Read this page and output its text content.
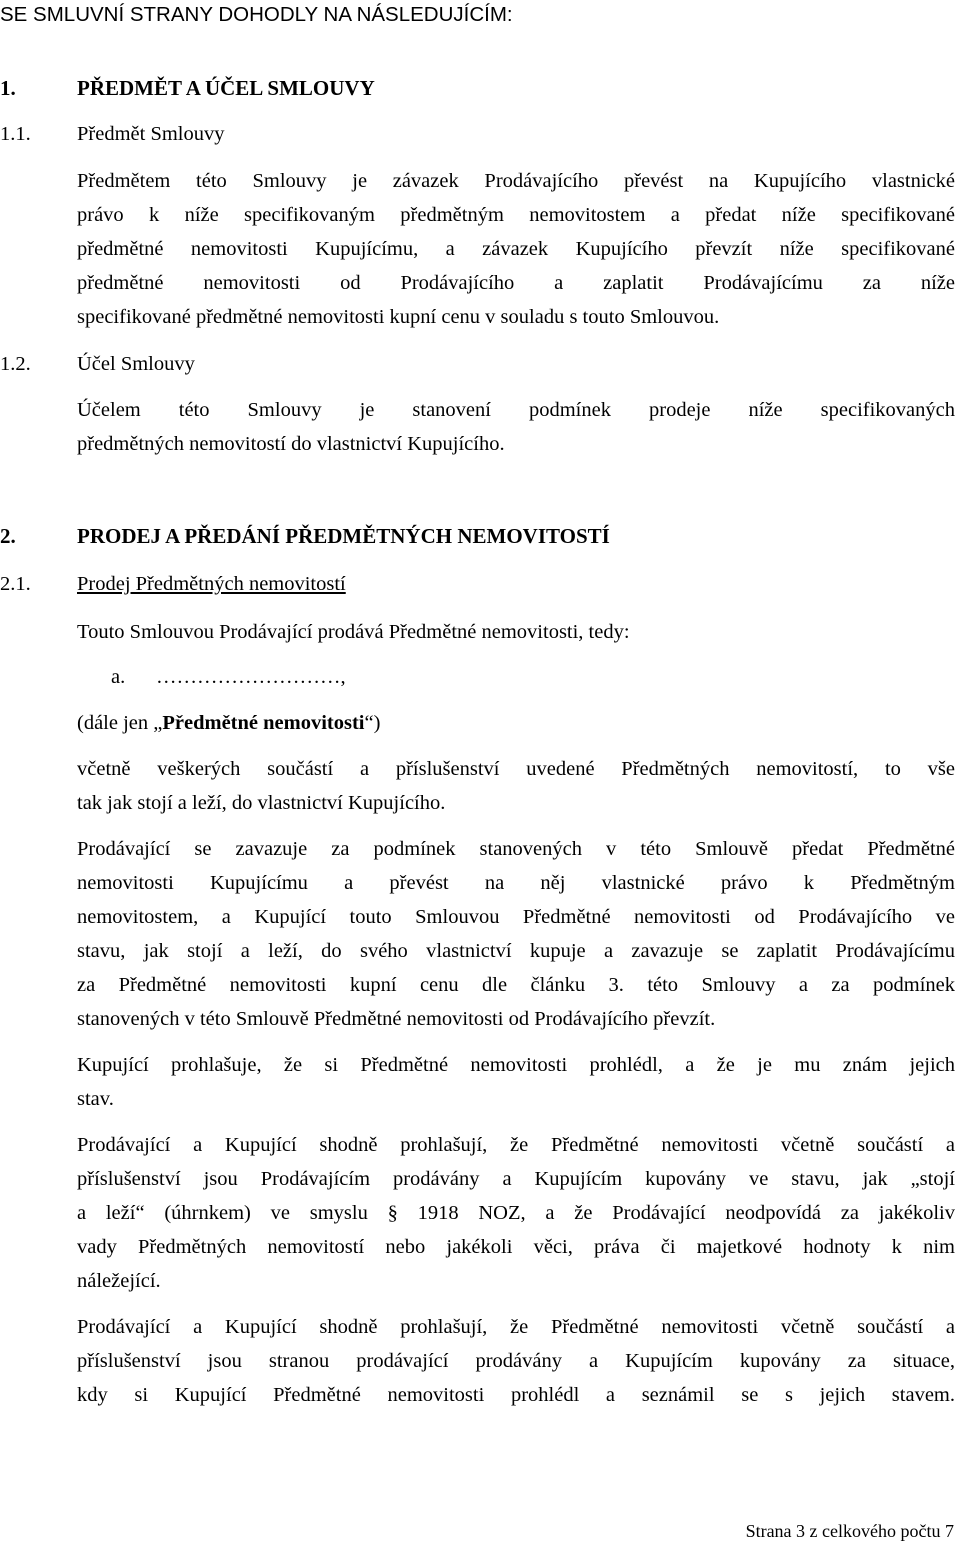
SE SMLUVNÍ STRANY DOHODLY NA NÁSLEDUJÍCÍM:
1.	PŘEDMĚT A ÚČEL SMLOUVY
1.1. Předmět Smlouvy
Předmětem této Smlouvy je závazek Prodávajícího převést na Kupujícího vlastnické
právo k níže specifikovaným předmětným nemovitostem a předat níže specifikované
předmětné nemovitosti Kupujícímu, a závazek Kupujícího převzít níže specifikované
předmětné nemovitosti od Prodávajícího a zaplatit Prodávajícímu za níže
specifikované předmětné nemovitosti kupní cenu v souladu s touto Smlouvou.
1.2. Účel Smlouvy
Účelem této Smlouvy je stanovení podmínek prodeje níže specifikovaných
předmětných nemovitostí do vlastnictví Kupujícího.
2.	PRODEJ A PŘEDÁNÍ PŘEDMĚTNÝCH NEMOVITOSTÍ
2.1. Prodej Předmětných nemovitostí
Touto Smlouvou Prodávající prodává Předmětné nemovitosti, tedy:
a. ………………………,
(dále jen „Předmětné nemovitosti“)
včetně veškerých součástí a příslušenství uvedené Předmětných nemovitostí, to vše
tak jak stojí a leží, do vlastnictví Kupujícího.
Prodávající se zavazuje za podmínek stanovených v této Smlouvě předat Předmětné
nemovitosti Kupujícímu a převést na něj vlastnické právo k Předmětným
nemovitostem, a Kupující touto Smlouvou Předmětné nemovitosti od Prodávajícího ve
stavu, jak stojí a leží, do svého vlastnictví kupuje a zavazuje se zaplatit Prodávajícímu
za Předmětné nemovitosti kupní cenu dle článku 3. této Smlouvy a za podmínek
stanovených v této Smlouvě Předmětné nemovitosti od Prodávajícího převzít.
Kupující prohlašuje, že si Předmětné nemovitosti prohlédl, a že je mu znám jejich
stav.
Prodávající a Kupující shodně prohlašují, že Předmětné nemovitosti včetně součástí a
příslušenství jsou Prodávajícím prodávány a Kupujícím kupovány ve stavu, jak „stojí
a leží“ (úhrnkem) ve smyslu § 1918 NOZ, a že Prodávající neodpovídá za jakékoliv
vady Předmětných nemovitostí nebo jakékoli věci, práva či majetkové hodnoty k nim
náležející.
Prodávající a Kupující shodně prohlašují, že Předmětné nemovitosti včetně součástí a
příslušenství jsou stranou prodávající prodávány a Kupujícím kupovány za situace,
kdy si Kupující Předmětné nemovitosti prohlédl a seznámil se s jejich stavem.
Strana 3 z celkového počtu 7
